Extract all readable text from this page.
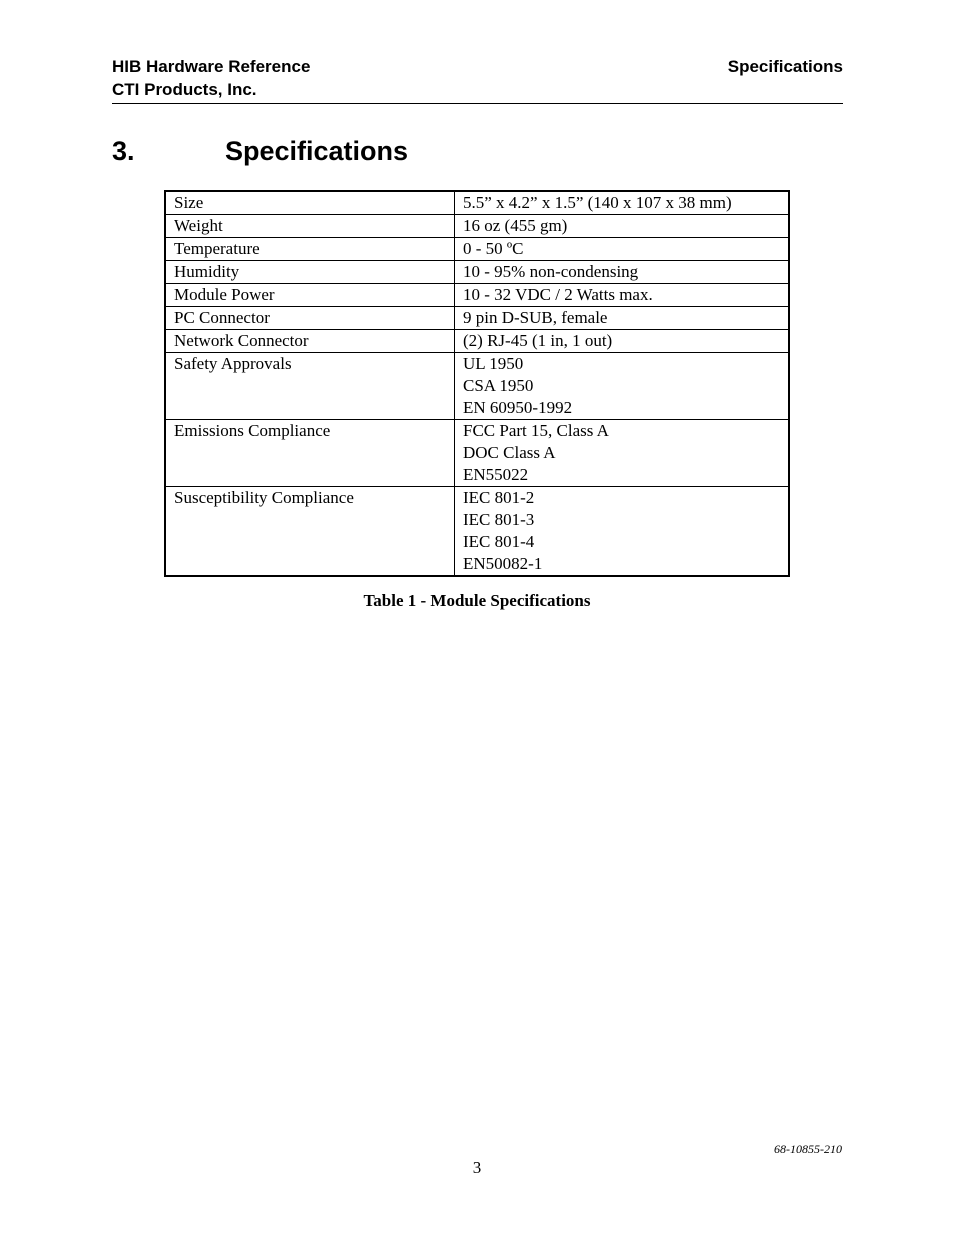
HIB Hardware Reference
CTI Products, Inc.
Specifications
3.	Specifications
Size	5.5” x 4.2” x 1.5” (140 x 107 x 38 mm)

Weight	16 oz (455 gm)

Temperature	0 - 50 ºC

Humidity	10 - 95% non-condensing

Module Power	10 - 32 VDC / 2 Watts max.

PC Connector	9 pin D-SUB, female

Network Connector	(2) RJ-45 (1 in, 1 out)

Safety Approvals	UL 1950
CSA 1950
EN 60950-1992

Emissions Compliance	FCC Part 15, Class A
DOC Class A
EN55022

Susceptibility Compliance	IEC 801-2
IEC 801-3
IEC 801-4
EN50082-1
Table 1 - Module Specifications
68-10855-210
3
